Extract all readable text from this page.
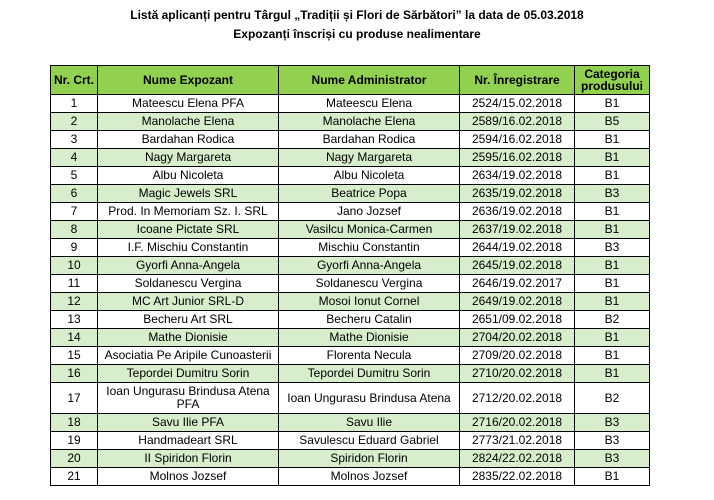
Listă aplicanți pentru Târgul „Tradiții și Flori de Sărbători” la data de 05.03.2018
Expozanți înscriși cu produse nealimentare
Nr. Crt.	Nume Expozant	Nume Administrator	Nr. Înregistrare	Categoria produsului
1	Mateescu Elena PFA	Mateescu Elena	2524/15.02.2018	B1
2	Manolache Elena	Manolache Elena	2589/16.02.2018	B5
3	Bardahan Rodica	Bardahan Rodica	2594/16.02.2018	B1
4	Nagy Margareta	Nagy Margareta	2595/16.02.2018	B1
5	Albu Nicoleta	Albu Nicoleta	2634/19.02.2018	B1
6	Magic Jewels SRL	Beatrice Popa	2635/19.02.2018	B3
7	Prod. In Memoriam Sz. I. SRL	Jano Jozsef	2636/19.02.2018	B1
8	Icoane Pictate SRL	Vasilcu Monica-Carmen	2637/19.02.2018	B1
9	I.F. Mischiu Constantin	Mischiu Constantin	2644/19.02.2018	B3
10	Gyorfi Anna-Angela	Gyorfi Anna-Angela	2645/19.02.2018	B1
11	Soldanescu Vergina	Soldanescu Vergina	2646/19.02.2017	B1
12	MC Art Junior SRL-D	Mosoi Ionut Cornel	2649/19.02.2018	B1
13	Becheru Art SRL	Becheru Catalin	2651/09.02.2018	B2
14	Mathe Dionisie	Mathe Dionisie	2704/20.02.2018	B1
15	Asociatia Pe Aripile Cunoasterii	Florenta Necula	2709/20.02.2018	B1
16	Tepordei Dumitru Sorin	Tepordei Dumitru Sorin	2710/20.02.2018	B1
17	Ioan Ungurasu Brindusa Atena PFA	Ioan Ungurasu Brindusa Atena	2712/20.02.2018	B2
18	Savu Ilie PFA	Savu Ilie	2716/20.02.2018	B3
19	Handmadeart SRL	Savulescu Eduard Gabriel	2773/21.02.2018	B3
20	II Spiridon Florin	Spiridon Florin	2824/22.02.2018	B3
21	Molnos Jozsef	Molnos Jozsef	2835/22.02.2018	B1
